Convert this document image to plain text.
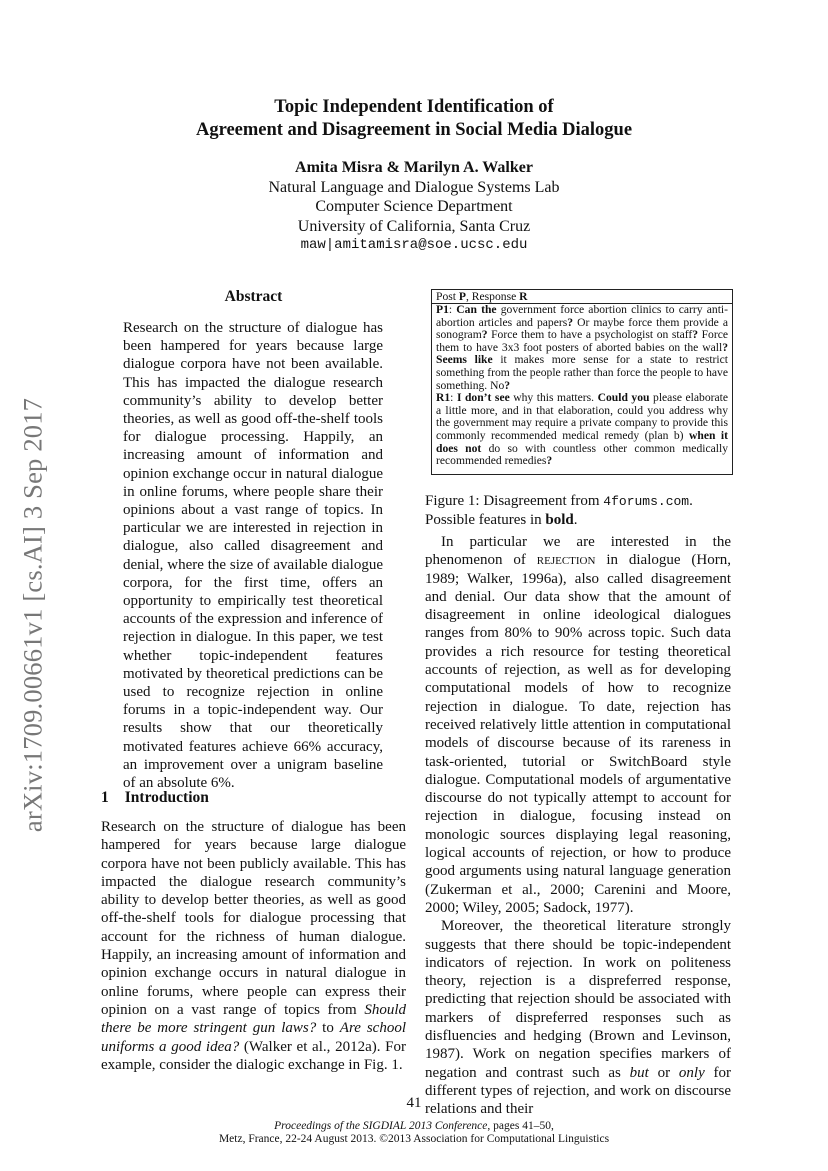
arXiv:1709.00661v1 [cs.AI] 3 Sep 2017
Topic Independent Identification of
Agreement and Disagreement in Social Media Dialogue
Amita Misra & Marilyn A. Walker
Natural Language and Dialogue Systems Lab
Computer Science Department
University of California, Santa Cruz
maw|amitamisra@soe.ucsc.edu
Abstract

Research on the structure of dialogue has been hampered for years because large dialogue corpora have not been available. This has impacted the dialogue research community’s ability to develop better theories, as well as good off-the-shelf tools for dialogue processing. Happily, an increasing amount of information and opinion exchange occur in natural dialogue in online forums, where people share their opinions about a vast range of topics. In particular we are interested in rejection in dialogue, also called disagreement and denial, where the size of available dialogue corpora, for the first time, offers an opportunity to empirically test theoretical accounts of the expression and inference of rejection in dialogue. In this paper, we test whether topic-independent features motivated by theoretical predictions can be used to recognize rejection in online forums in a topic-independent way. Our results show that our theoretically motivated features achieve 66% accuracy, an improvement over a unigram baseline of an absolute 6%.

1 Introduction

Research on the structure of dialogue has been hampered for years because large dialogue corpora have not been publicly available. This has impacted the dialogue research community’s ability to develop better theories, as well as good off-the-shelf tools for dialogue processing that account for the richness of human dialogue. Happily, an increasing amount of information and opinion exchange occurs in natural dialogue in online forums, where people can express their opinion on a vast range of topics from Should there be more stringent gun laws? to Are school uniforms a good idea? (Walker et al., 2012a). For example, consider the dialogic exchange in Fig. 1.

Post P, Response R

P1: Can the government force abortion clinics to carry anti-abortion articles and papers? Or maybe force them provide a sonogram? Force them to have a psychologist on staff? Force them to have 3x3 foot posters of aborted babies on the wall? Seems like it makes more sense for a state to restrict something from the people rather than force the people to have something. No?

R1: I don’t see why this matters. Could you please elaborate a little more, and in that elaboration, could you address why the government may require a private company to provide this commonly recommended medical remedy (plan b) when it does not do so with countless other common medically recommended remedies?

Figure 1: Disagreement from 4forums.com. Possible features in bold.

In particular we are interested in the phenomenon of rejection in dialogue (Horn, 1989; Walker, 1996a), also called disagreement and denial. Our data show that the amount of disagreement in online ideological dialogues ranges from 80% to 90% across topic. Such data provides a rich resource for testing theoretical accounts of rejection, as well as for developing computational models of how to recognize rejection in dialogue. To date, rejection has received relatively little attention in computational models of discourse because of its rareness in task-oriented, tutorial or SwitchBoard style dialogue. Computational models of argumentative discourse do not typically attempt to account for rejection in dialogue, focusing instead on monologic sources displaying legal reasoning, logical accounts of rejection, or how to produce good arguments using natural language generation (Zukerman et al., 2000; Carenini and Moore, 2000; Wiley, 2005; Sadock, 1977).

Moreover, the theoretical literature strongly suggests that there should be topic-independent indicators of rejection. In work on politeness theory, rejection is a dispreferred response, predicting that rejection should be associated with markers of dispreferred responses such as disfluencies and hedging (Brown and Levinson, 1987). Work on negation specifies markers of negation and contrast such as but or only for different types of rejection, and work on discourse relations and their

41
Proceedings of the SIGDIAL 2013 Conference, pages 41–50,
Metz, France, 22-24 August 2013. ©2013 Association for Computational Linguistics
